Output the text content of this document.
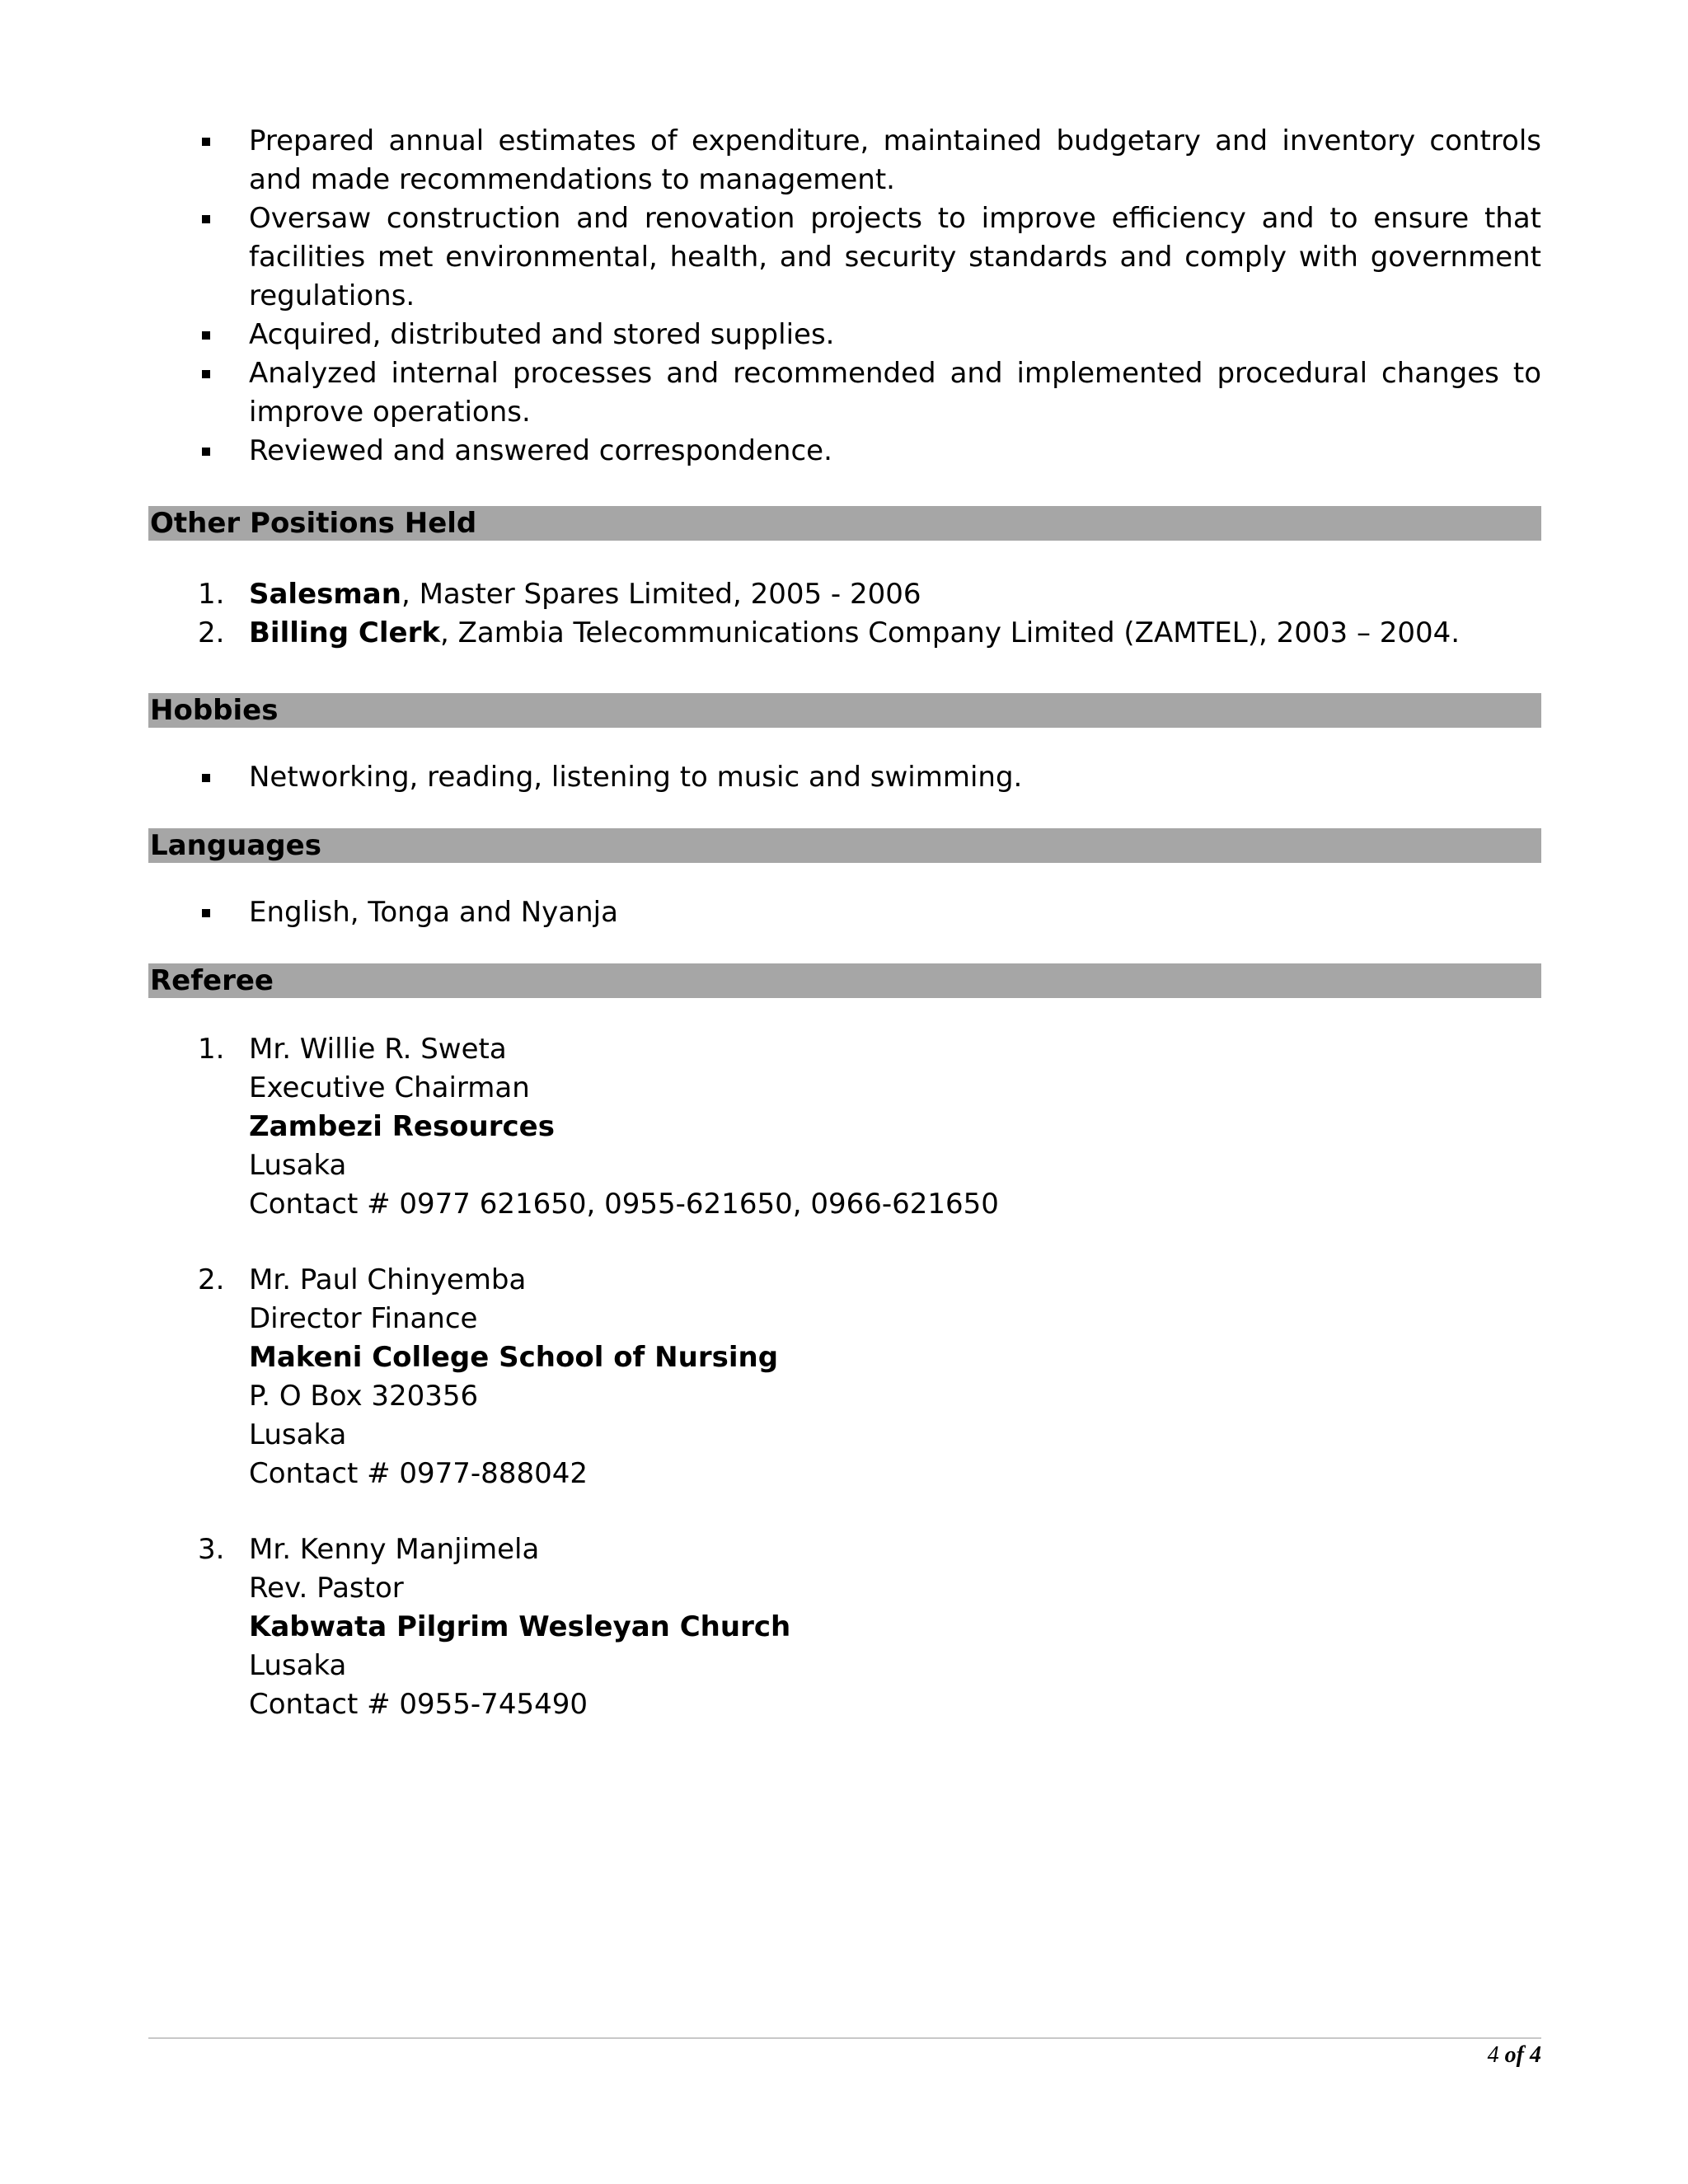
Prepared annual estimates of expenditure, maintained budgetary and inventory controls and made recommendations to management.
Oversaw construction and renovation projects to improve efficiency and to ensure that facilities met environmental, health, and security standards and comply with government regulations.
Acquired, distributed and stored supplies.
Analyzed internal processes and recommended and implemented procedural changes to improve operations.
Reviewed and answered correspondence.
Other Positions Held
1. Salesman, Master Spares Limited, 2005 - 2006
2. Billing Clerk, Zambia Telecommunications Company Limited (ZAMTEL), 2003 – 2004.
Hobbies
Networking, reading, listening to music and swimming.
Languages
English, Tonga and Nyanja
Referee
1. Mr. Willie R. Sweta
Executive Chairman
Zambezi Resources
Lusaka
Contact # 0977 621650, 0955-621650, 0966-621650
2. Mr. Paul Chinyemba
Director Finance
Makeni College School of Nursing
P. O Box 320356
Lusaka
Contact # 0977-888042
3. Mr. Kenny Manjimela
Rev. Pastor
Kabwata Pilgrim Wesleyan Church
Lusaka
Contact # 0955-745490
4 of 4
